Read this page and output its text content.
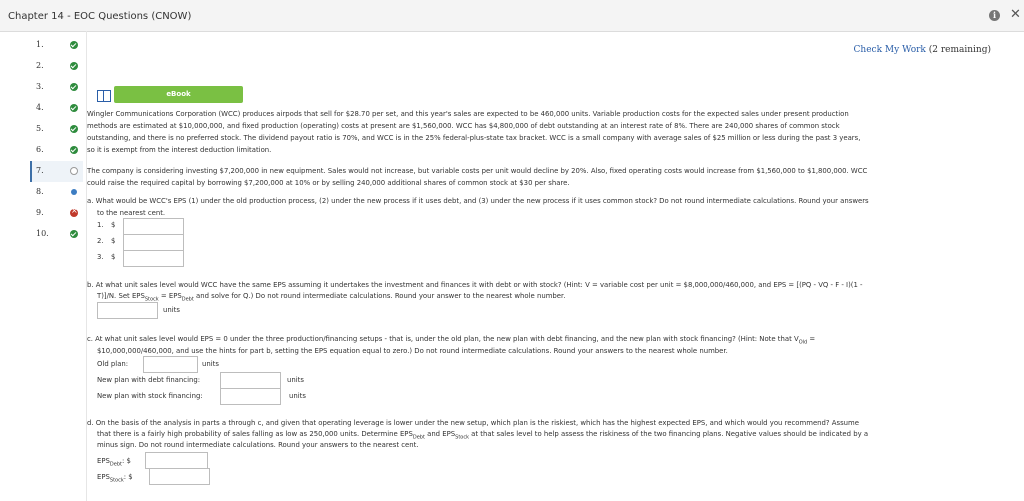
Chapter 14 - EOC Questions (CNOW)	i	✕
1.
2.
3.
4.
5.
6.
7.
8.
9.
×
10.
Check My Work (2 remaining)
eBook
Wingler Communications Corporation (WCC) produces airpods that sell for $28.70 per set, and this year's sales are expected to be 460,000 units. Variable production costs for the expected sales under present production
methods are estimated at $10,000,000, and fixed production (operating) costs at present are $1,560,000. WCC has $4,800,000 of debt outstanding at an interest rate of 8%. There are 240,000 shares of common stock
outstanding, and there is no preferred stock. The dividend payout ratio is 70%, and WCC is in the 25% federal-plus-state tax bracket. WCC is a small company with average sales of $25 million or less during the past 3 years,
so it is exempt from the interest deduction limitation.
The company is considering investing $7,200,000 in new equipment. Sales would not increase, but variable costs per unit would decline by 20%. Also, fixed operating costs would increase from $1,560,000 to $1,800,000. WCC
could raise the required capital by borrowing $7,200,000 at 10% or by selling 240,000 additional shares of common stock at $30 per share.
a. What would be WCC's EPS (1) under the old production process, (2) under the new process if it uses debt, and (3) under the new process if it uses common stock? Do not round intermediate calculations. Round your answers
to the nearest cent.
1. $
2. $
3. $
b. At what unit sales level would WCC have the same EPS assuming it undertakes the investment and finances it with debt or with stock? (Hint: V = variable cost per unit = $8,000,000/460,000, and EPS = [(PQ - VQ - F - I)(1 -
T)]/N. Set $EPS_{Stock} = EPS_{Debt}$ and solve for Q.) Do not round intermediate calculations. Round your answer to the nearest whole number.
units
c. At what unit sales level would EPS = 0 under the three production/financing setups - that is, under the old plan, the new plan with debt financing, and the new plan with stock financing? (Hint: Note that $V_{Old}$ =
$10,000,000/460,000, and use the hints for part b, setting the EPS equation equal to zero.) Do not round intermediate calculations. Round your answers to the nearest whole number.
Old plan:	units
New plan with debt financing:	units
New plan with stock financing:	units
d. On the basis of the analysis in parts a through c, and given that operating leverage is lower under the new setup, which plan is the riskiest, which has the highest expected EPS, and which would you recommend? Assume
that there is a fairly high probability of sales falling as low as 250,000 units. Determine $EPS_{Debt}$ and $EPS_{Stock}$ at that sales level to help assess the riskiness of the two financing plans. Negative values should be indicated by a
minus sign. Do not round intermediate calculations. Round your answers to the nearest cent.
$EPS_{Debt}$: $
$EPS_{Stock}$: $
